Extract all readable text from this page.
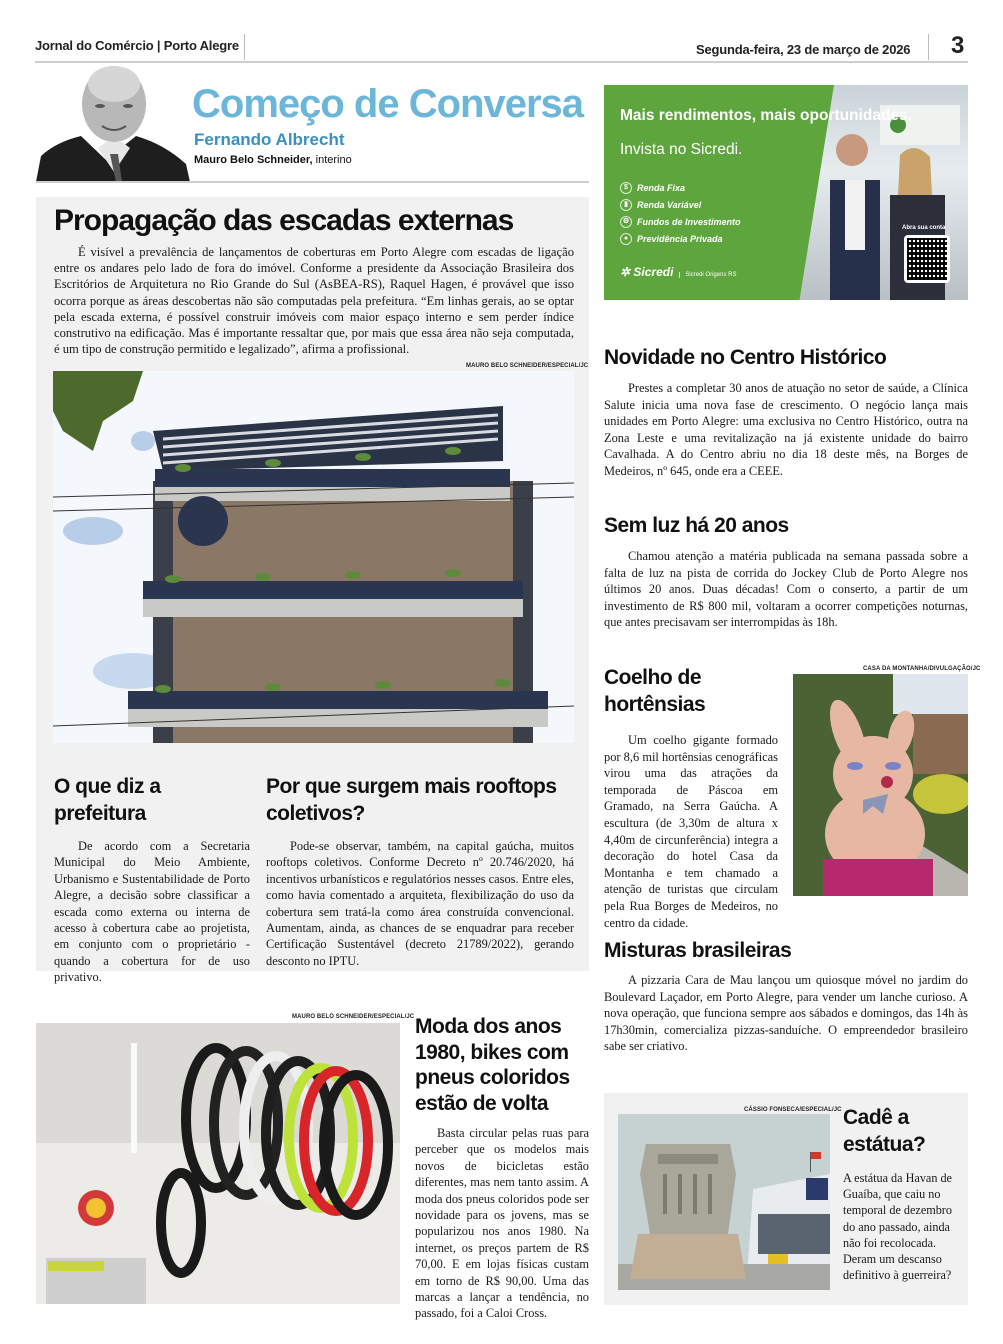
Jornal do Comércio | Porto Alegre	Segunda-feira, 23 de março de 2026 3
Começo de Conversa
Fernando Albrecht
Mauro Belo Schneider, interino
Propagação das escadas externas

É visível a prevalência de lançamentos de coberturas em Porto Alegre com escadas de ligação entre os andares pelo lado de fora do imóvel. Conforme a presidente da Associação Brasileira dos Escritórios de Arquitetura no Rio Grande do Sul (AsBEA-RS), Raquel Hagen, é provável que isso ocorra porque as áreas descobertas não são computadas pela prefeitura. “Em linhas gerais, ao se optar pela escada externa, é possível construir imóveis com maior espaço interno e sem perder índice construtivo na edificação. Mas é importante ressaltar que, por mais que essa área não seja computada, é um tipo de construção permitido e legalizado”, afirma a profissional.

MAURO BELO SCHNEIDER/ESPECIAL/JC
O que diz a prefeitura

De acordo com a Secretaria Municipal do Meio Ambiente, Urbanismo e Sustentabilidade de Porto Alegre, a decisão sobre classificar a escada como externa ou interna de acesso à cobertura cabe ao projetista, em conjunto com o proprietário - quando a cobertura for de uso privativo.

Por que surgem mais rooftops coletivos?

Pode-se observar, também, na capital gaúcha, muitos rooftops coletivos. Conforme Decreto nº 20.746/2020, há incentivos urbanísticos e regulatórios nesses casos. Entre eles, como havia comentado a arquiteta, flexibilização do uso da cobertura sem tratá-la como área construída convencional. Aumentam, ainda, as chances de se enquadrar para receber Certificação Sustentável (decreto 21789/2022), gerando desconto no IPTU.

Mais rendimentos, mais oportunidades.
Invista no Sicredi.
$	Renda Fixa
▮	Renda Variável
⚙ Fundos de Investimento
● Previdência Privada
✲ Sicredi Sicredi Origens RS
Abra sua conta
Novidade no Centro Histórico

Prestes a completar 30 anos de atuação no setor de saúde, a Clínica Salute inicia uma nova fase de crescimento. O negócio lança mais unidades em Porto Alegre: uma exclusiva no Centro Histórico, outra na Zona Leste e uma revitalização na já existente unidade do bairro Cavalhada. A do Centro abriu no dia 18 deste mês, na Borges de Medeiros, nº 645, onde era a CEEE.

Sem luz há 20 anos

Chamou atenção a matéria publicada na semana passada sobre a falta de luz na pista de corrida do Jockey Club de Porto Alegre nos últimos 20 anos. Duas décadas! Com o conserto, a partir de um investimento de R$ 800 mil, voltaram a ocorrer competições noturnas, que antes precisavam ser interrompidas às 18h.

Coelho de hortênsias

Um coelho gigante formado por 8,6 mil hortênsias cenográficas virou uma das atrações da temporada de Páscoa em Gramado, na Serra Gaúcha. A escultura (de 3,30m de altura x 4,40m de circunferência) integra a decoração do hotel Casa da Montanha e tem chamado a atenção de turistas que circulam pela Rua Borges de Medeiros, no centro da cidade.

CASA DA MONTANHA/DIVULGAÇÃO/JC
Misturas brasileiras

A pizzaria Cara de Mau lançou um quiosque móvel no jardim do Boulevard Laçador, em Porto Alegre, para vender um lanche curioso. A nova operação, que funciona sempre aos sábados e domingos, das 14h às 17h30min, comercializa pizzas-sanduíche. O empreendedor brasileiro sabe ser criativo.

MAURO BELO SCHNEIDER/ESPECIAL/JC Moda dos anos 1980, bikes com pneus coloridos estão de volta

Basta circular pelas ruas para perceber que os modelos mais novos de bicicletas estão diferentes, mas nem tanto assim. A moda dos pneus coloridos pode ser novidade para os jovens, mas se popularizou nos anos 1980. Na internet, os preços partem de R$ 70,00. E em lojas físicas custam em torno de R$ 90,00. Uma das marcas a lançar a tendência, no passado, foi a Caloi Cross.

CÁSSIO FONSECA/ESPECIAL/JC Cadê a estátua?

A estátua da Havan de Guaíba, que caiu no temporal de dezembro do ano passado, ainda não foi recolocada. Deram um descanso definitivo à guerreira?
